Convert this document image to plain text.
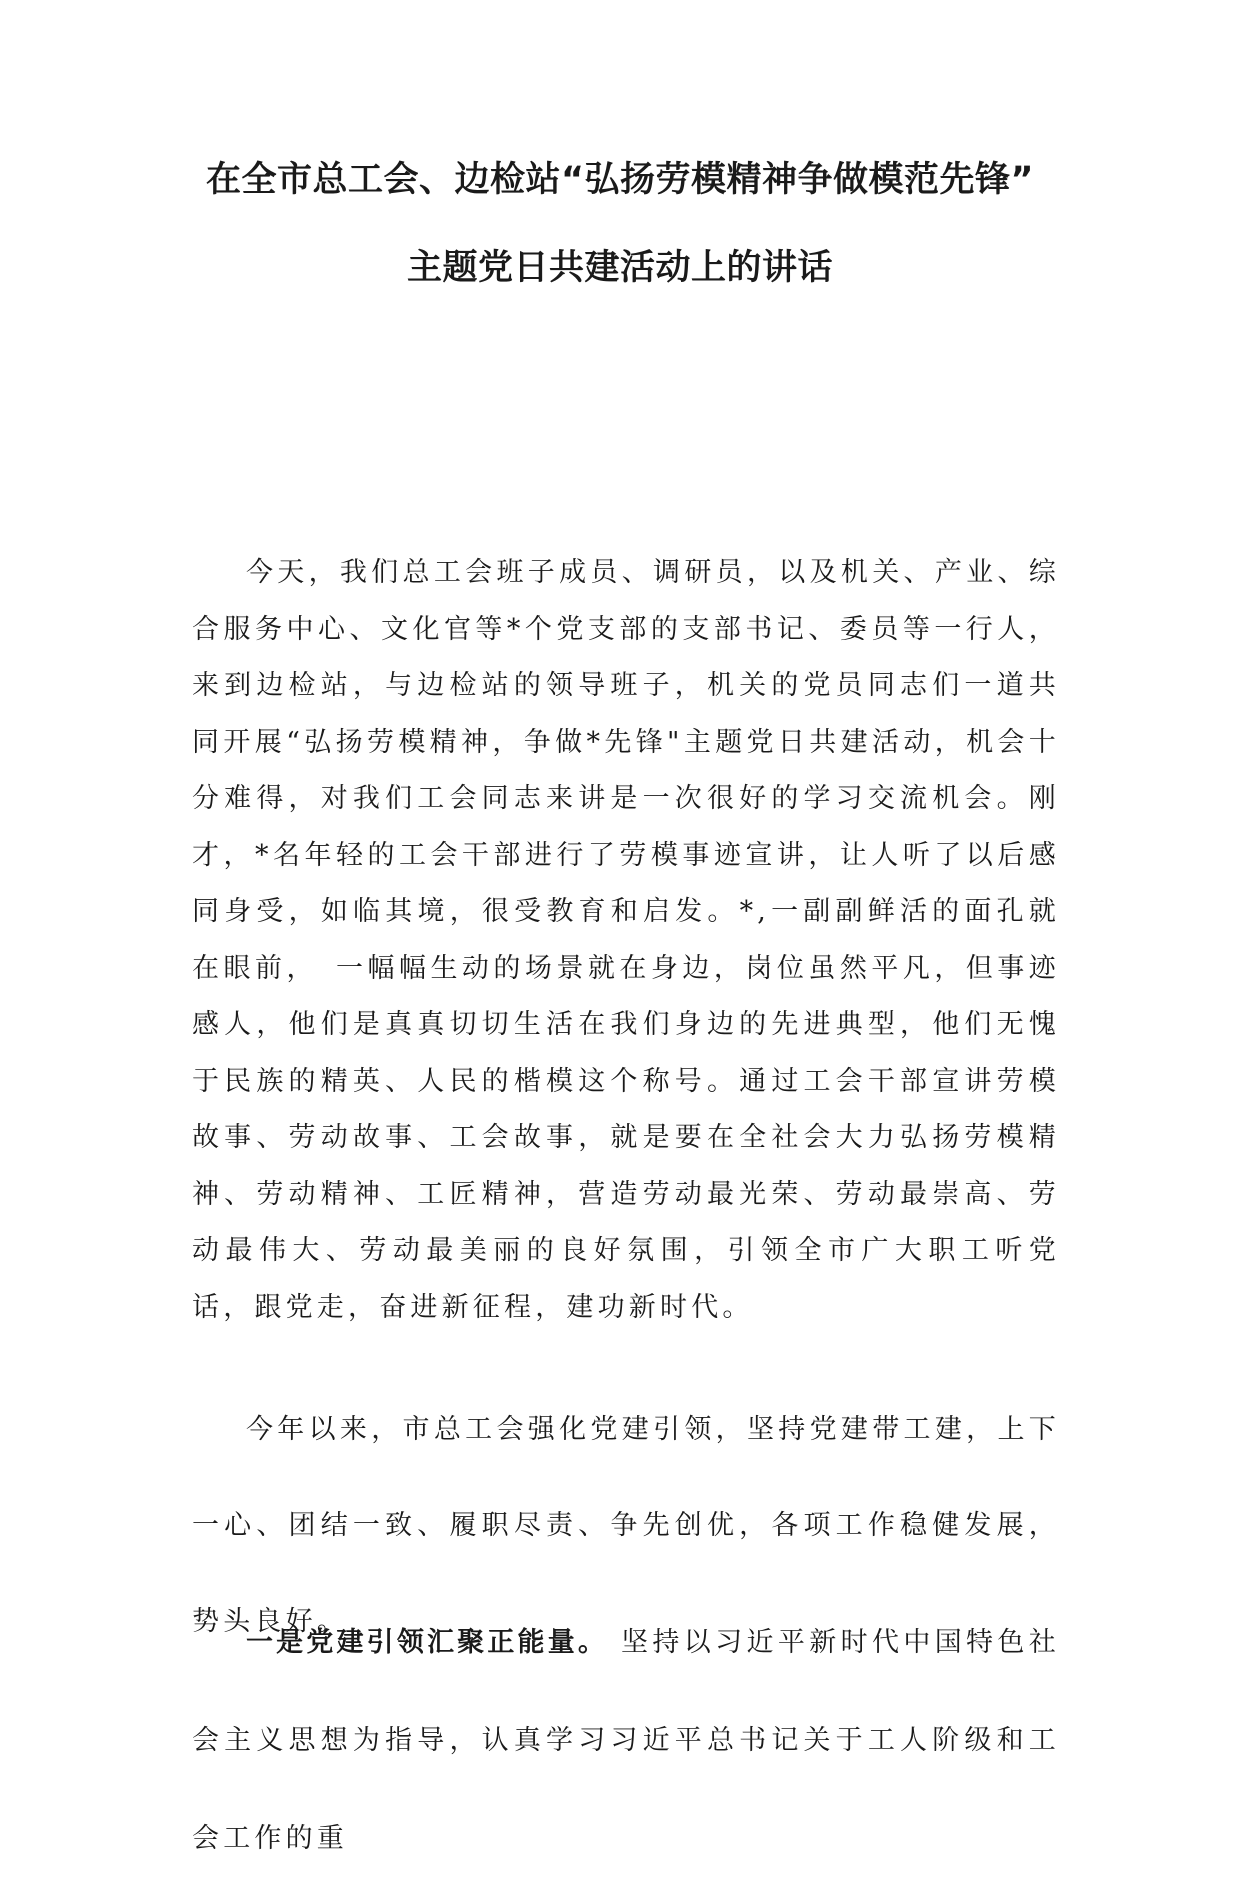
在全市总工会、边检站“弘扬劳模精神争做模范先锋”
主题党日共建活动上的讲话

今天，我们总工会班子成员、调研员，以及机关、产业、综合服务中心、文化官等*个党支部的支部书记、委员等一行人，来到边检站，与边检站的领导班子，机关的党员同志们一道共同开展“弘扬劳模精神，争做*先锋"主题党日共建活动，机会十分难得，对我们工会同志来讲是一次很好的学习交流机会。刚才，*名年轻的工会干部进行了劳模事迹宣讲，让人听了以后感同身受，如临其境，很受教育和启发。*,一副副鲜活的面孔就在眼前，　一幅幅生动的场景就在身边，岗位虽然平凡，但事迹感人，他们是真真切切生活在我们身边的先进典型，他们无愧于民族的精英、人民的楷模这个称号。通过工会干部宣讲劳模故事、劳动故事、工会故事，就是要在全社会大力弘扬劳模精神、劳动精神、工匠精神，营造劳动最光荣、劳动最崇高、劳动最伟大、劳动最美丽的良好氛围，引领全市广大职工听党话，跟党走，奋进新征程，建功新时代。

今年以来，市总工会强化党建引领，坚持党建带工建，上下一心、团结一致、履职尽责、争先创优，各项工作稳健发展，势头良好。

一是党建引领汇聚正能量。 坚持以习近平新时代中国特色社会主义思想为指导，认真学习习近平总书记关于工人阶级和工会工作的重
